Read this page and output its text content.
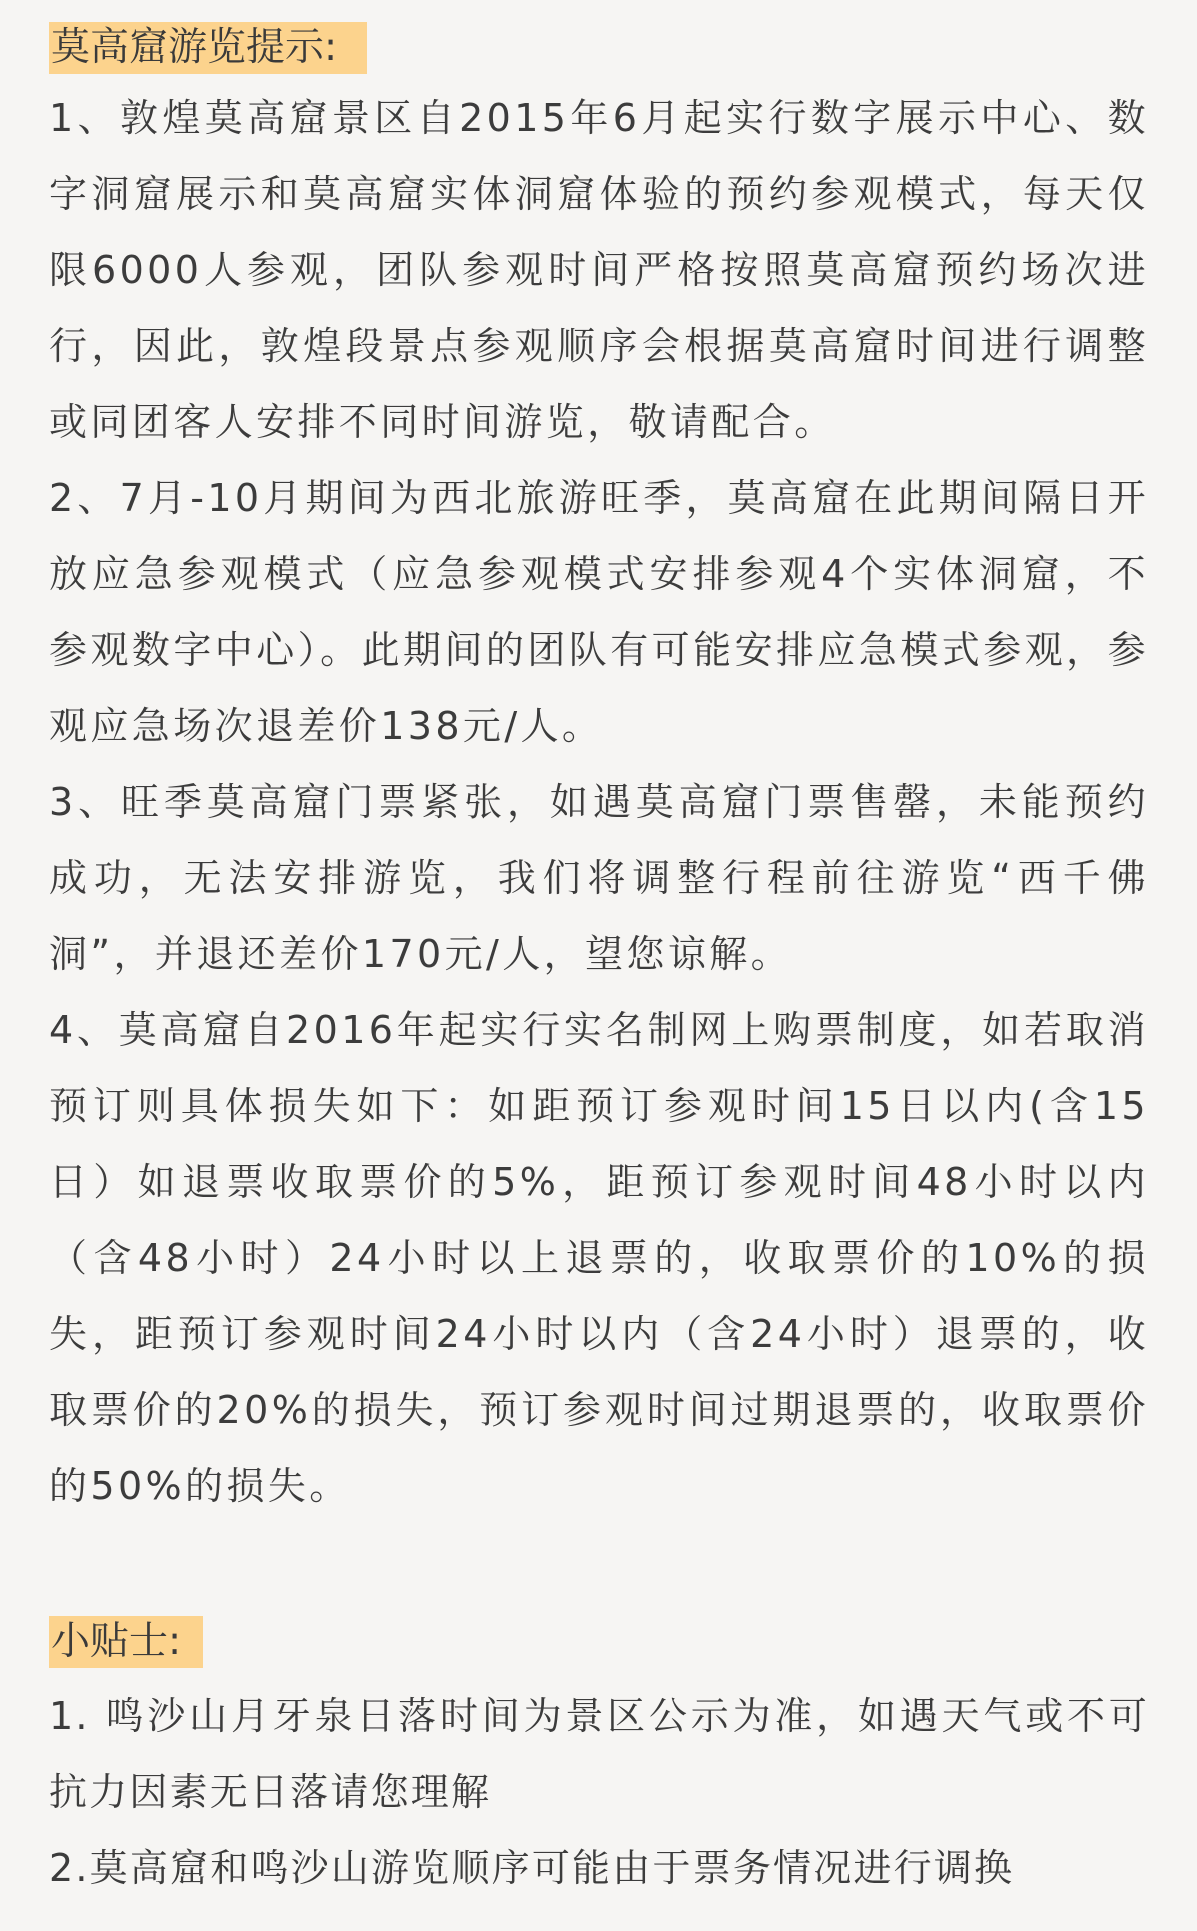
莫高窟游览提示:

1、敦煌莫高窟景区自2015年6月起实行数字展示中心、数字洞窟展示和莫高窟实体洞窟体验的预约参观模式，每天仅限6000人参观，团队参观时间严格按照莫高窟预约场次进行，因此，敦煌段景点参观顺序会根据莫高窟时间进行调整或同团客人安排不同时间游览，敬请配合。

2、7月-10月期间为西北旅游旺季，莫高窟在此期间隔日开放应急参观模式（应急参观模式安排参观4个实体洞窟，不参观数字中心）。此期间的团队有可能安排应急模式参观，参观应急场次退差价138元/人。

3、旺季莫高窟门票紧张，如遇莫高窟门票售罄，未能预约成功，无法安排游览，我们将调整行程前往游览“西千佛洞”，并退还差价170元/人，望您谅解。

4、莫高窟自2016年起实行实名制网上购票制度，如若取消预订则具体损失如下：如距预订参观时间15日以内(含15日）如退票收取票价的5%，距预订参观时间48小时以内（含48小时）24小时以上退票的，收取票价的10%的损失，距预订参观时间24小时以内（含24小时）退票的，收取票价的20%的损失，预订参观时间过期退票的，收取票价的50%的损失。

小贴士:

1. 鸣沙山月牙泉日落时间为景区公示为准，如遇天气或不可抗力因素无日落请您理解

2.莫高窟和鸣沙山游览顺序可能由于票务情况进行调换
